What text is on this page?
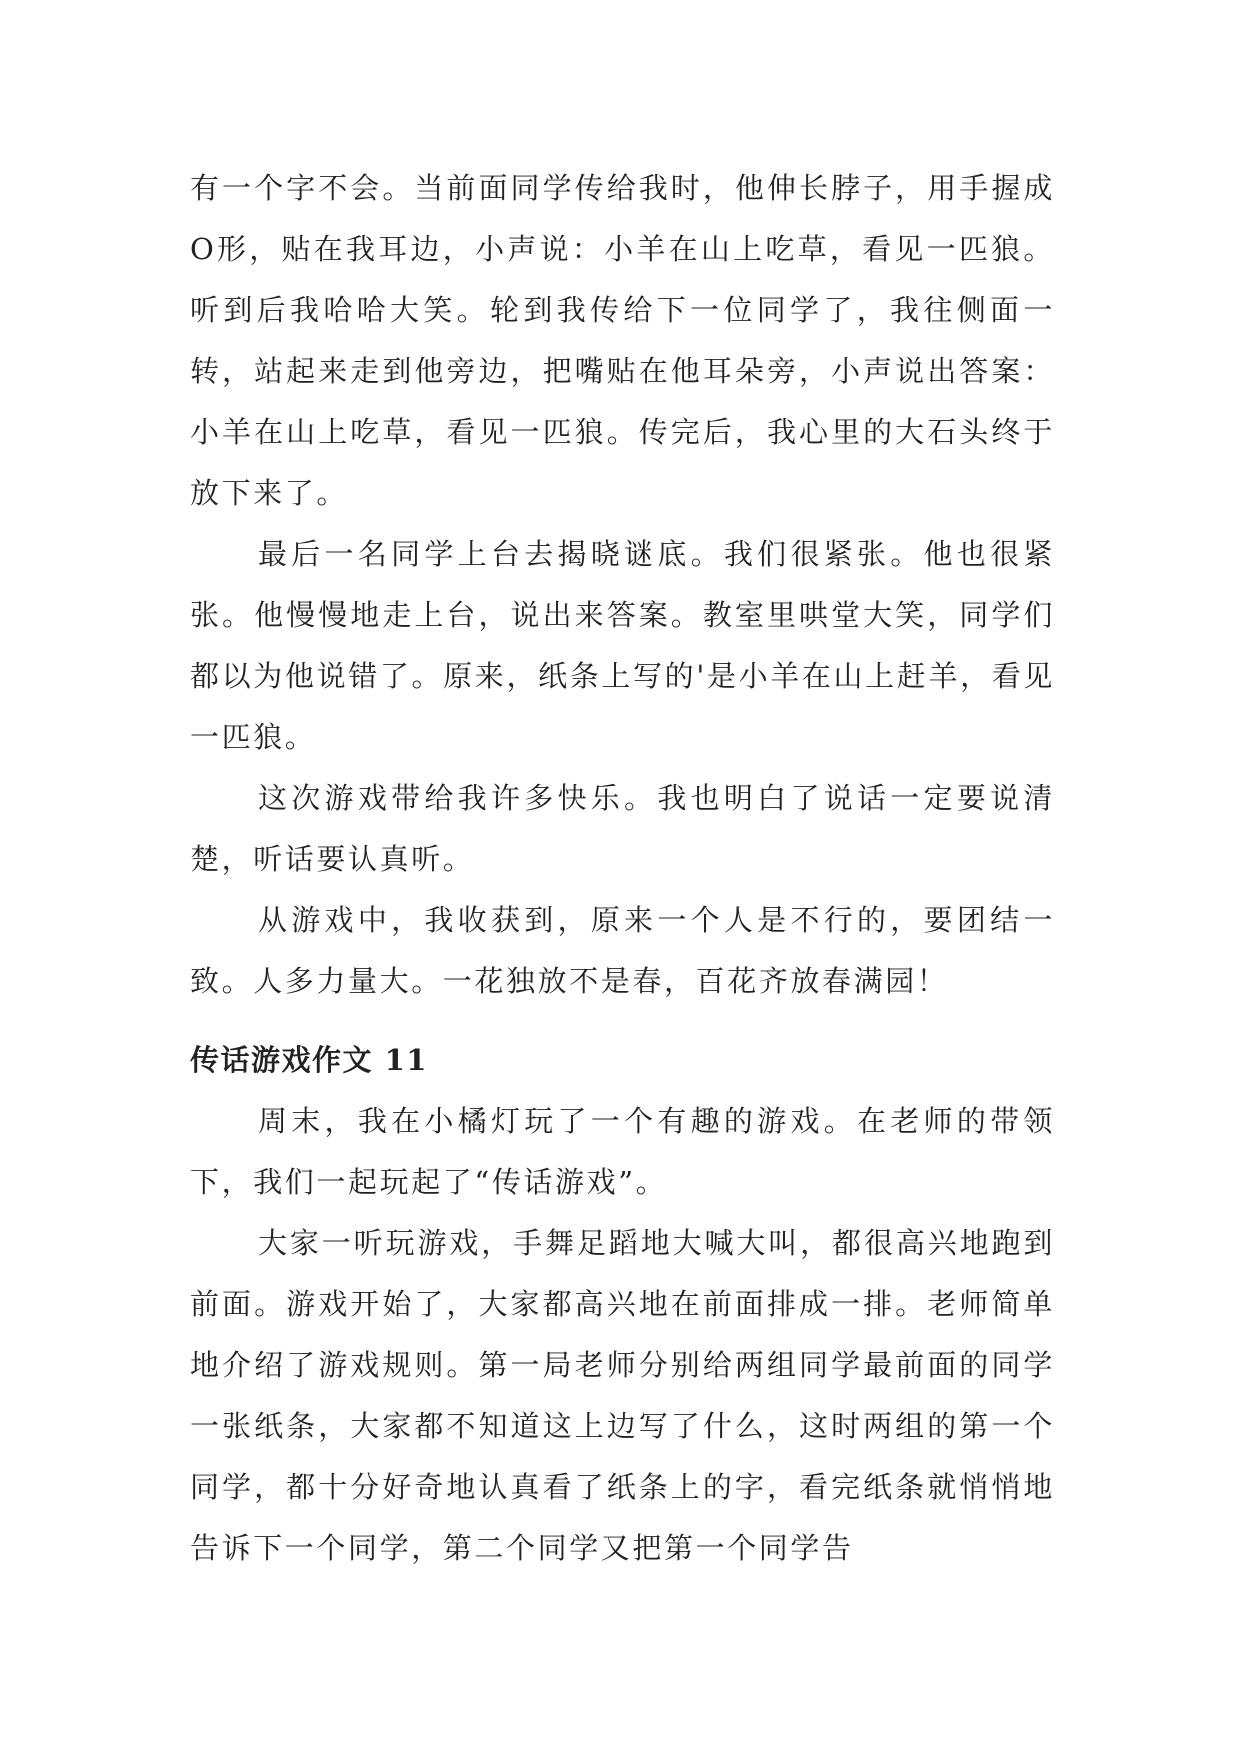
有一个字不会。当前面同学传给我时，他伸长脖子，用手握成O形，贴在我耳边，小声说：小羊在山上吃草，看见一匹狼。听到后我哈哈大笑。轮到我传给下一位同学了，我往侧面一转，站起来走到他旁边，把嘴贴在他耳朵旁，小声说出答案：小羊在山上吃草，看见一匹狼。传完后，我心里的大石头终于放下来了。

最后一名同学上台去揭晓谜底。我们很紧张。他也很紧张。他慢慢地走上台，说出来答案。教室里哄堂大笑，同学们都以为他说错了。原来，纸条上写的'是小羊在山上赶羊，看见一匹狼。

这次游戏带给我许多快乐。我也明白了说话一定要说清楚，听话要认真听。

从游戏中，我收获到，原来一个人是不行的，要团结一致。人多力量大。一花独放不是春，百花齐放春满园！

传话游戏作文 11

周末，我在小橘灯玩了一个有趣的游戏。在老师的带领下，我们一起玩起了“传话游戏”。

大家一听玩游戏，手舞足蹈地大喊大叫，都很高兴地跑到前面。游戏开始了，大家都高兴地在前面排成一排。老师简单地介绍了游戏规则。第一局老师分别给两组同学最前面的同学一张纸条，大家都不知道这上边写了什么，这时两组的第一个同学，都十分好奇地认真看了纸条上的字，看完纸条就悄悄地告诉下一个同学，第二个同学又把第一个同学告
